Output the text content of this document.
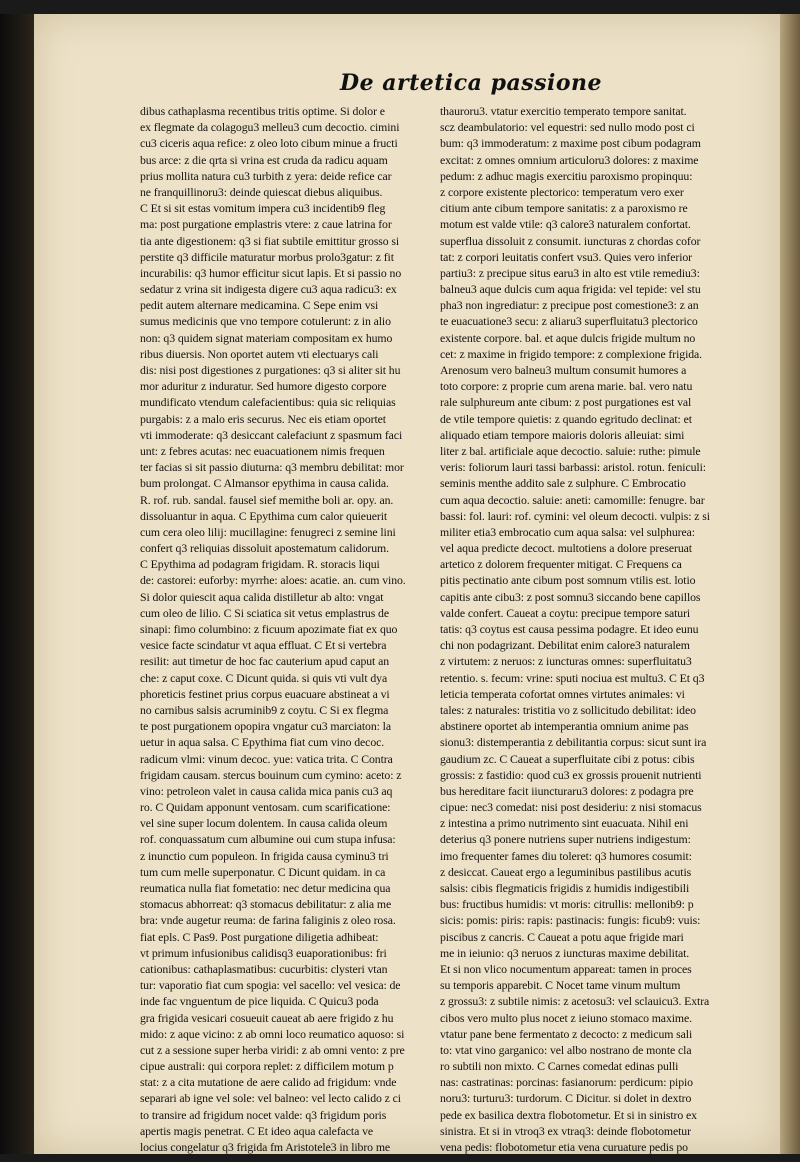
De artetica passione
dibus cathaplasma recentibus tritis optime. Si dolor e
ex flegmate da colagogu3 melleu3 cum decoctio. cimini
cu3 ciceris aqua refice: z oleo loto cibum minue a fructi
bus arce: z die qrta si vrina est cruda da radicu aquam
prius mollita natura cu3 turbith z yera: deide refice car
ne franquillinoru3: deinde quiescat diebus aliquibus.
C Et si sit estas vomitum impera cu3 incidentib9 fleg
ma: post purgatione emplastris vtere: z caue latrina for
tia ante digestionem: q3 si fiat subtile emittitur grosso si
perstite q3 difficile maturatur morbus prolo3gatur: z fit
incurabilis: q3 humor efficitur sicut lapis. Et si passio no
sedatur z vrina sit indigesta digere cu3 aqua radicu3: ex
pedit autem alternare medicamina. C Sepe enim vsi
sumus medicinis que vno tempore cotulerunt: z in alio
non: q3 quidem signat materiam compositam ex humo
ribus diuersis. Non oportet autem vti electuarys cali
dis: nisi post digestiones z purgationes: q3 si aliter sit hu
mor aduritur z induratur. Sed humore digesto corpore
mundificato vtendum calefacientibus: quia sic reliquias
purgabis: z a malo eris securus. Nec eis etiam oportet
vti immoderate: q3 desiccant calefaciunt z spasmum faci
unt: z febres acutas: nec euacuationem nimis frequen
ter facias si sit passio diuturna: q3 membru debilitat: mor
bum prolongat. C Almansor epythima in causa calida.
R. rof. rub. sandal. fausel sief memithe boli ar. opy. an.
dissoluantur in aqua. C Epythima cum calor quieuerit
cum cera oleo lilij: mucillagine: fenugreci z semine lini
confert q3 reliquias dissoluit apostematum calidorum.
C Epythima ad podagram frigidam. R. storacis liqui
de: castorei: euforby: myrrhe: aloes: acatie. an. cum vino.
Si dolor quiescit aqua calida distilletur ab alto: vngat
cum oleo de lilio. C Si sciatica sit vetus emplastrus de
sinapi: fimo columbino: z ficuum apozimate fiat ex quo
vesice facte scindatur vt aqua effluat. C Et si vertebra
resilit: aut timetur de hoc fac cauterium apud caput an
che: z caput coxe. C Dicunt quida. si quis vti vult dya
phoreticis festinet prius corpus euacuare abstineat a vi
no carnibus salsis acruminib9 z coytu. C Si ex flegma
te post purgationem opopira vngatur cu3 marciaton: la
uetur in aqua salsa. C Epythima fiat cum vino decoc.
radicum vlmi: vinum decoc. yue: vatica trita. C Contra
frigidam causam. stercus bouinum cum cymino: aceto: z
vino: petroleon valet in causa calida mica panis cu3 aq
ro. C Quidam apponunt ventosam. cum scarificatione:
vel sine super locum dolentem. In causa calida oleum
rof. conquassatum cum albumine oui cum stupa infusa:
z inunctio cum populeon. In frigida causa cyminu3 tri
tum cum melle superponatur. C Dicunt quidam. in ca
reumatica nulla fiat fometatio: nec detur medicina qua
stomacus abhorreat: q3 stomacus debilitatur: z alia me
bra: vnde augetur reuma: de farina faliginis z oleo rosa.
fiat epls. C Pas9. Post purgatione diligetia adhibeat:
vt primum infusionibus calidisq3 euaporationibus: fri
cationibus: cathaplasmatibus: cucurbitis: clysteri vtan
tur: vaporatio fiat cum spogia: vel sacello: vel vesica: de
inde fac vnguentum de pice liquida. C Quicu3 poda
gra frigida vesicari cosueuit caueat ab aere frigido z hu
mido: z aque vicino: z ab omni loco reumatico aquoso: si
cut z a sessione super herba viridi: z ab omni vento: z pre
cipue australi: qui corpora replet: z difficilem motum p
stat: z a cita mutatione de aere calido ad frigidum: vnde
separari ab igne vel sole: vel balneo: vel lecto calido z ci
to transire ad frigidum nocet valde: q3 frigidum poris
apertis magis penetrat. C Et ideo aqua calefacta ve
locius congelatur q3 frigida fm Aristotele3 in libro me
thauroru3. vtatur exercitio temperato tempore sanitat.
scz deambulatorio: vel equestri: sed nullo modo post ci
bum: q3 immoderatum: z maxime post cibum podagram
excitat: z omnes omnium articuloru3 dolores: z maxime
pedum: z adhuc magis exercitiu paroxismo propinquu:
z corpore existente plectorico: temperatum vero exer
citium ante cibum tempore sanitatis: z a paroxismo re
motum est valde vtile: q3 calore3 naturalem confortat.
superflua dissoluit z consumit. iuncturas z chordas cofor
tat: z corpori leuitatis confert vsu3. Quies vero inferior
partiu3: z precipue situs earu3 in alto est vtile remediu3:
balneu3 aque dulcis cum aqua frigida: vel tepide: vel stu
pha3 non ingrediatur: z precipue post comestione3: z an
te euacuatione3 secu: z aliaru3 superfluitatu3 plectorico
existente corpore. bal. et aque dulcis frigide multum no
cet: z maxime in frigido tempore: z complexione frigida.
Arenosum vero balneu3 multum consumit humores a
toto corpore: z proprie cum arena marie. bal. vero natu
rale sulphureum ante cibum: z post purgationes est val
de vtile tempore quietis: z quando egritudo declinat: et
aliquado etiam tempore maioris doloris alleuiat: simi
liter z bal. artificiale aque decoctio. saluie: ruthe: pimule
veris: foliorum lauri tassi barbassi: aristol. rotun. feniculi:
seminis menthe addito sale z sulphure. C Embrocatio
cum aqua decoctio. saluie: aneti: camomille: fenugre. bar
bassi: fol. lauri: rof. cymini: vel oleum decocti. vulpis: z si
militer etia3 embrocatio cum aqua salsa: vel sulphurea:
vel aqua predicte decoct. multotiens a dolore preseruat
artetico z dolorem frequenter mitigat. C Frequens ca
pitis pectinatio ante cibum post somnum vtilis est. lotio
capitis ante cibu3: z post somnu3 siccando bene capillos
valde confert. Caueat a coytu: precipue tempore saturi
tatis: q3 coytus est causa pessima podagre. Et ideo eunu
chi non podagrizant. Debilitat enim calore3 naturalem
z virtutem: z neruos: z iuncturas omnes: superfluitatu3
retentio. s. fecum: vrine: sputi nociua est multu3. C Et q3
leticia temperata cofortat omnes virtutes animales: vi
tales: z naturales: tristitia vo z sollicitudo debilitat: ideo
abstinere oportet ab intemperantia omnium anime pas
sionu3: distemperantia z debilitantia corpus: sicut sunt ira
gaudium zc. C Caueat a superfluitate cibi z potus: cibis
grossis: z fastidio: quod cu3 ex grossis prouenit nutrienti
bus hereditare facit iiuncturaru3 dolores: z podagra pre
cipue: nec3 comedat: nisi post desideriu: z nisi stomacus
z intestina a primo nutrimento sint euacuata. Nihil eni
deterius q3 ponere nutriens super nutriens indigestum:
imo frequenter fames diu toleret: q3 humores cosumit:
z desiccat. Caueat ergo a leguminibus pastilibus acutis
salsis: cibis flegmaticis frigidis z humidis indigestibili
bus: fructibus humidis: vt moris: citrullis: mellonib9: p
sicis: pomis: piris: rapis: pastinacis: fungis: ficub9: vuis:
piscibus z cancris. C Caueat a potu aque frigide mari
me in ieiunio: q3 neruos z iuncturas maxime debilitat.
Et si non vlico nocumentum appareat: tamen in proces
su temporis apparebit. C Nocet tame vinum multum
z grossu3: z subtile nimis: z acetosu3: vel sclauicu3. Extra
cibos vero multo plus nocet z ieiuno stomaco maxime.
vtatur pane bene fermentato z decocto: z medicum sali
to: vtat vino garganico: vel albo nostrano de monte cla
ro subtili non mixto. C Carnes comedat edinas pulli
nas: castratinas: porcinas: fasianorum: perdicum: pipio
noru3: turturu3: turdorum. C Dicitur. si dolet in dextro
pede ex basilica dextra flobotometur. Et si in sinistro ex
sinistra. Et si in vtroq3 ex vtraq3: deinde flobotometur
vena pedis: flobotometur etia vena curuature pedis po
